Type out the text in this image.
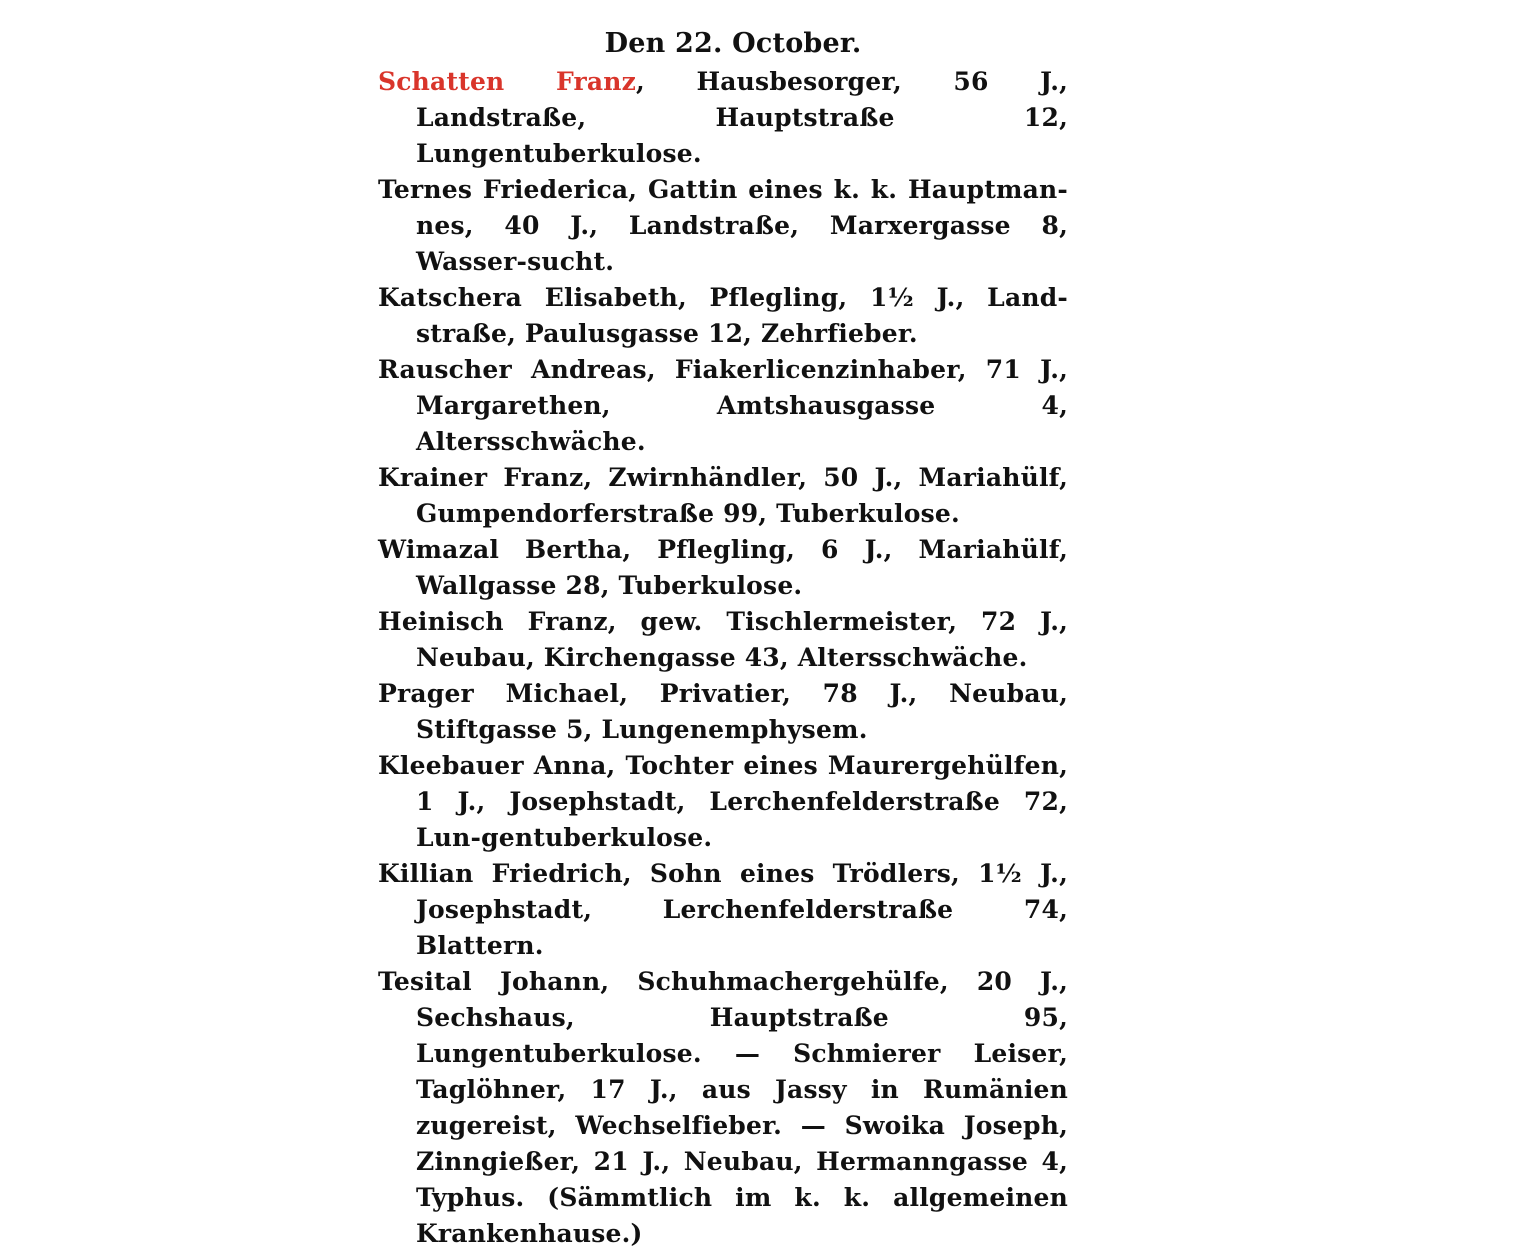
Den 22. October.

Schatten Franz, Hausbesorger, 56 J., Landstraße, Hauptstraße 12, Lungentuberkulose.

Ternes Friederica, Gattin eines k. k. Hauptman-nes, 40 J., Landstraße, Marxergasse 8, Wasser-sucht.

Katschera Elisabeth, Pflegling, 1½ J., Land-straße, Paulusgasse 12, Zehrfieber.

Rauscher Andreas, Fiakerlicenzinhaber, 71 J., Margarethen, Amtshausgasse 4, Altersschwäche.

Krainer Franz, Zwirnhändler, 50 J., Mariahülf, Gumpendorferstraße 99, Tuberkulose.

Wimazal Bertha, Pflegling, 6 J., Mariahülf, Wallgasse 28, Tuberkulose.

Heinisch Franz, gew. Tischlermeister, 72 J., Neubau, Kirchengasse 43, Altersschwäche.

Prager Michael, Privatier, 78 J., Neubau, Stiftgasse 5, Lungenemphysem.

Kleebauer Anna, Tochter eines Maurergehülfen, 1 J., Josephstadt, Lerchenfelderstraße 72, Lun-gentuberkulose.

Killian Friedrich, Sohn eines Trödlers, 1½ J., Josephstadt, Lerchenfelderstraße 74, Blattern.

Tesital Johann, Schuhmachergehülfe, 20 J., Sechshaus, Hauptstraße 95, Lungentuberkulose. — Schmierer Leiser, Taglöhner, 17 J., aus Jassy in Rumänien zugereist, Wechselfieber. — Swoika Joseph, Zinngießer, 21 J., Neubau, Hermanngasse 4, Typhus. (Sämmtlich im k. k. allgemeinen Krankenhause.)
